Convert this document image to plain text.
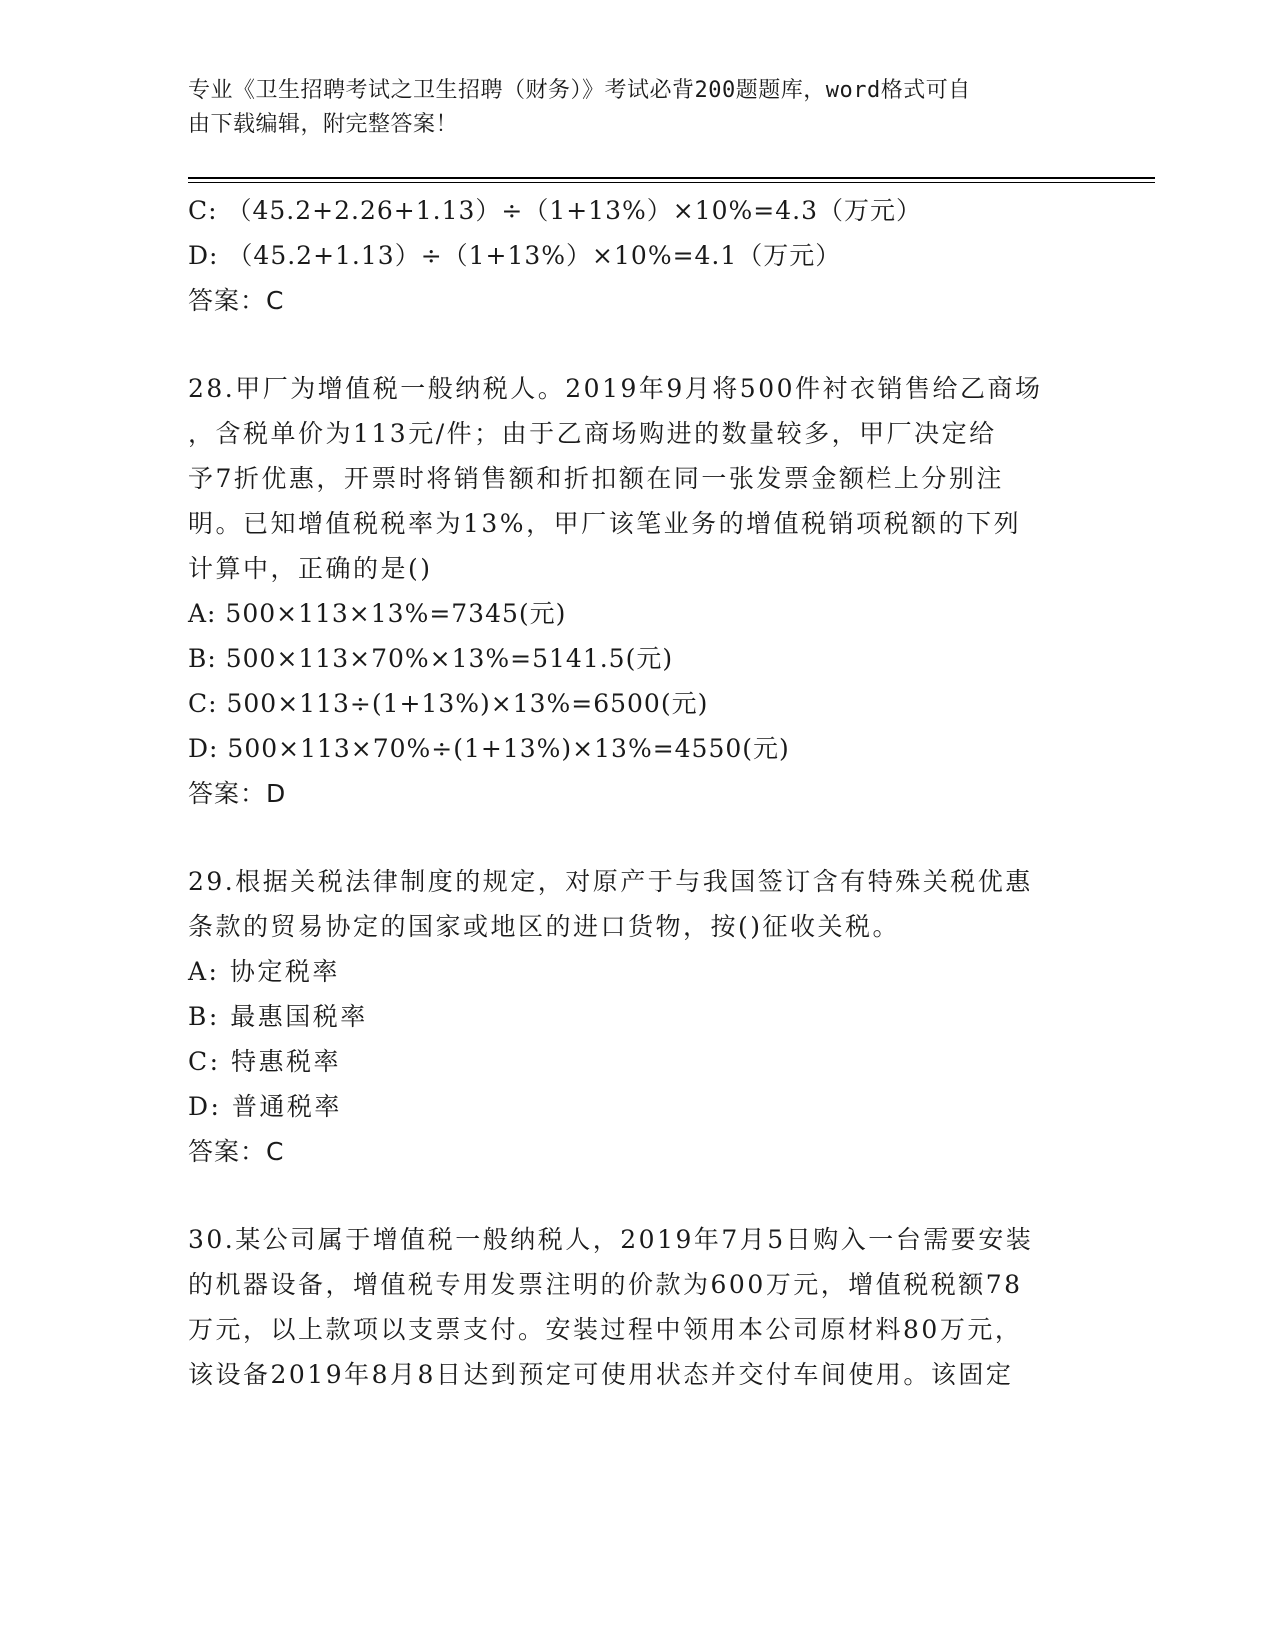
专业《卫生招聘考试之卫生招聘（财务）》考试必背200题题库，word格式可自
由下载编辑，附完整答案！
C: （45.2+2.26+1.13）÷（1+13%）×10%=4.3（万元）
D: （45.2+1.13）÷（1+13%）×10%=4.1（万元）
答案：C
28.甲厂为增值税一般纳税人。2019年9月将500件衬衣销售给乙商场
，含税单价为113元/件；由于乙商场购进的数量较多，甲厂决定给
予7折优惠，开票时将销售额和折扣额在同一张发票金额栏上分别注
明。已知增值税税率为13%，甲厂该笔业务的增值税销项税额的下列
计算中，正确的是()
A: 500×113×13%=7345(元)
B: 500×113×70%×13%=5141.5(元)
C: 500×113÷(1+13%)×13%=6500(元)
D: 500×113×70%÷(1+13%)×13%=4550(元)
答案：D
29.根据关税法律制度的规定，对原产于与我国签订含有特殊关税优惠
条款的贸易协定的国家或地区的进口货物，按()征收关税。
A: 协定税率
B: 最惠国税率
C: 特惠税率
D: 普通税率
答案：C
30.某公司属于增值税一般纳税人，2019年7月5日购入一台需要安装
的机器设备，增值税专用发票注明的价款为600万元，增值税税额78
万元，以上款项以支票支付。安装过程中领用本公司原材料80万元，
该设备2019年8月8日达到预定可使用状态并交付车间使用。该固定
